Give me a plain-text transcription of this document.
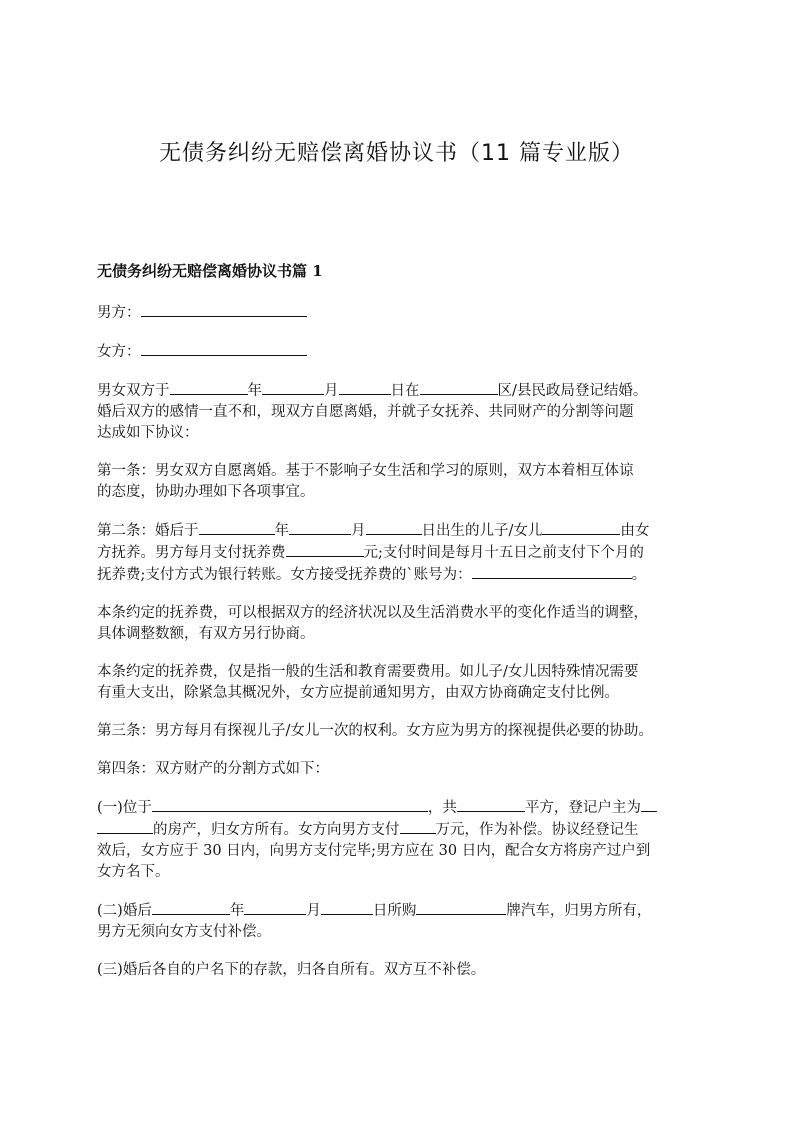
无债务纠纷无赔偿离婚协议书（11 篇专业版）
无债务纠纷无赔偿离婚协议书篇 1

男方：

女方：

男女双方于	年	月	日在	区/县民政局登记结婚。
婚后双方的感情一直不和，现双方自愿离婚，并就子女抚养、共同财产的分割等问题
达成如下协议：

第一条：男女双方自愿离婚。基于不影响子女生活和学习的原则，双方本着相互体谅
的态度，协助办理如下各项事宜。

第二条：婚后于	年	月	日出生的儿子/女儿	由女
方抚养。男方每月支付抚养费	元;支付时间是每月十五日之前支付下个月的
抚养费;支付方式为银行转账。女方接受抚养费的`账号为：	。

本条约定的抚养费，可以根据双方的经济状况以及生活消费水平的变化作适当的调整，
具体调整数额，有双方另行协商。

本条约定的抚养费，仅是指一般的生活和教育需要费用。如儿子/女儿因特殊情况需要
有重大支出，除紧急其概况外，女方应提前通知男方，由双方协商确定支付比例。

第三条：男方每月有探视儿子/女儿一次的权利。女方应为男方的探视提供必要的协助。

第四条：双方财产的分割方式如下：

(一)位于	，共	平方，登记户主为
的房产，归女方所有。女方向男方支付 万元，作为补偿。协议经登记生
效后，女方应于 30 日内，向男方支付完毕;男方应在 30 日内，配合女方将房产过户到
女方名下。

(二)婚后	年	月	日所购	牌汽车，归男方所有，
男方无须向女方支付补偿。

(三)婚后各自的户名下的存款，归各自所有。双方互不补偿。
